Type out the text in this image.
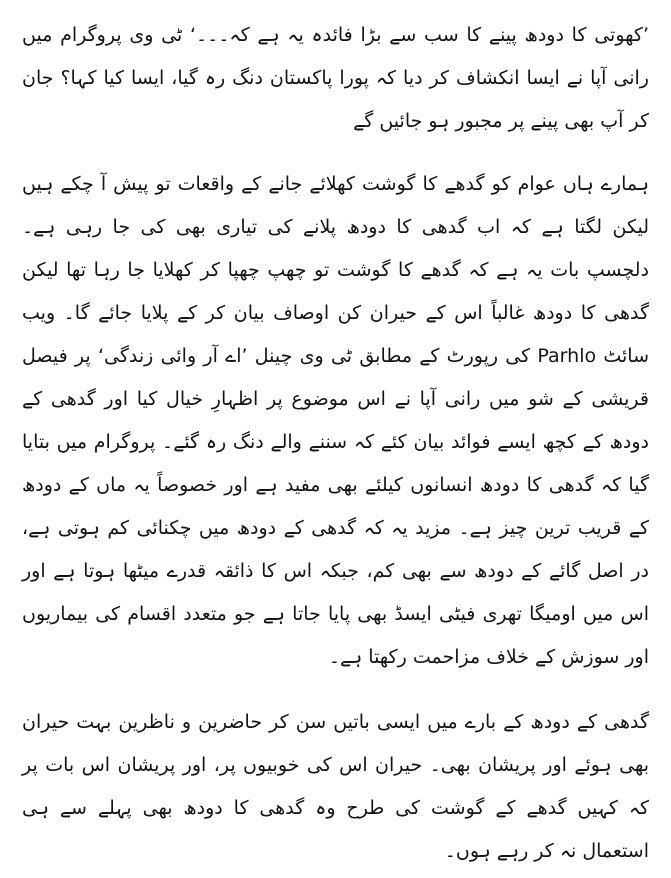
’کھوتی کا دودھ پینے کا سب سے بڑا فائدہ یہ ہے کہ۔۔۔‘ ٹی وی پروگرام میں رانی آپا نے ایسا انکشاف کر دیا کہ پورا پاکستان دنگ رہ گیا، ایسا کیا کہا؟ جان کر آپ بھی پینے پر مجبور ہو جائیں گے

ہمارے ہاں عوام کو گدھے کا گوشت کھلائے جانے کے واقعات تو پیش آ چکے ہیں لیکن لگتا ہے کہ اب گدھی کا دودھ پلانے کی تیاری بھی کی جا رہی ہے۔ دلچسپ بات یہ ہے کہ گدھے کا گوشت تو چھپ چھپا کر کھلایا جا رہا تھا لیکن گدھی کا دودھ غالباً اس کے حیران کن اوصاف بیان کر کے پلایا جائے گا۔ ویب سائٹ Parhlo کی رپورٹ کے مطابق ٹی وی چینل ’اے آر وائی زندگی‘ پر فیصل قریشی کے شو میں رانی آپا نے اس موضوع پر اظہارِ خیال کیا اور گدھی کے دودھ کے کچھ ایسے فوائد بیان کئے کہ سننے والے دنگ رہ گئے۔ پروگرام میں بتایا گیا کہ گدھی کا دودھ انسانوں کیلئے بھی مفید ہے اور خصوصاً یہ ماں کے دودھ کے قریب ترین چیز ہے۔ مزید یہ کہ گدھی کے دودھ میں چکنائی کم ہوتی ہے، در اصل گائے کے دودھ سے بھی کم، جبکہ اس کا ذائقہ قدرے میٹھا ہوتا ہے اور اس میں اومیگا تھری فیٹی ایسڈ بھی پایا جاتا ہے جو متعدد اقسام کی بیماریوں اور سوزش کے خلاف مزاحمت رکھتا ہے۔

گدھی کے دودھ کے بارے میں ایسی باتیں سن کر حاضرین و ناظرین بہت حیران بھی ہوئے اور پریشان بھی۔ حیران اس کی خوبیوں پر، اور پریشان اس بات پر کہ کہیں گدھے کے گوشت کی طرح وہ گدھی کا دودھ بھی پہلے سے ہی استعمال نہ کر رہے ہوں۔
